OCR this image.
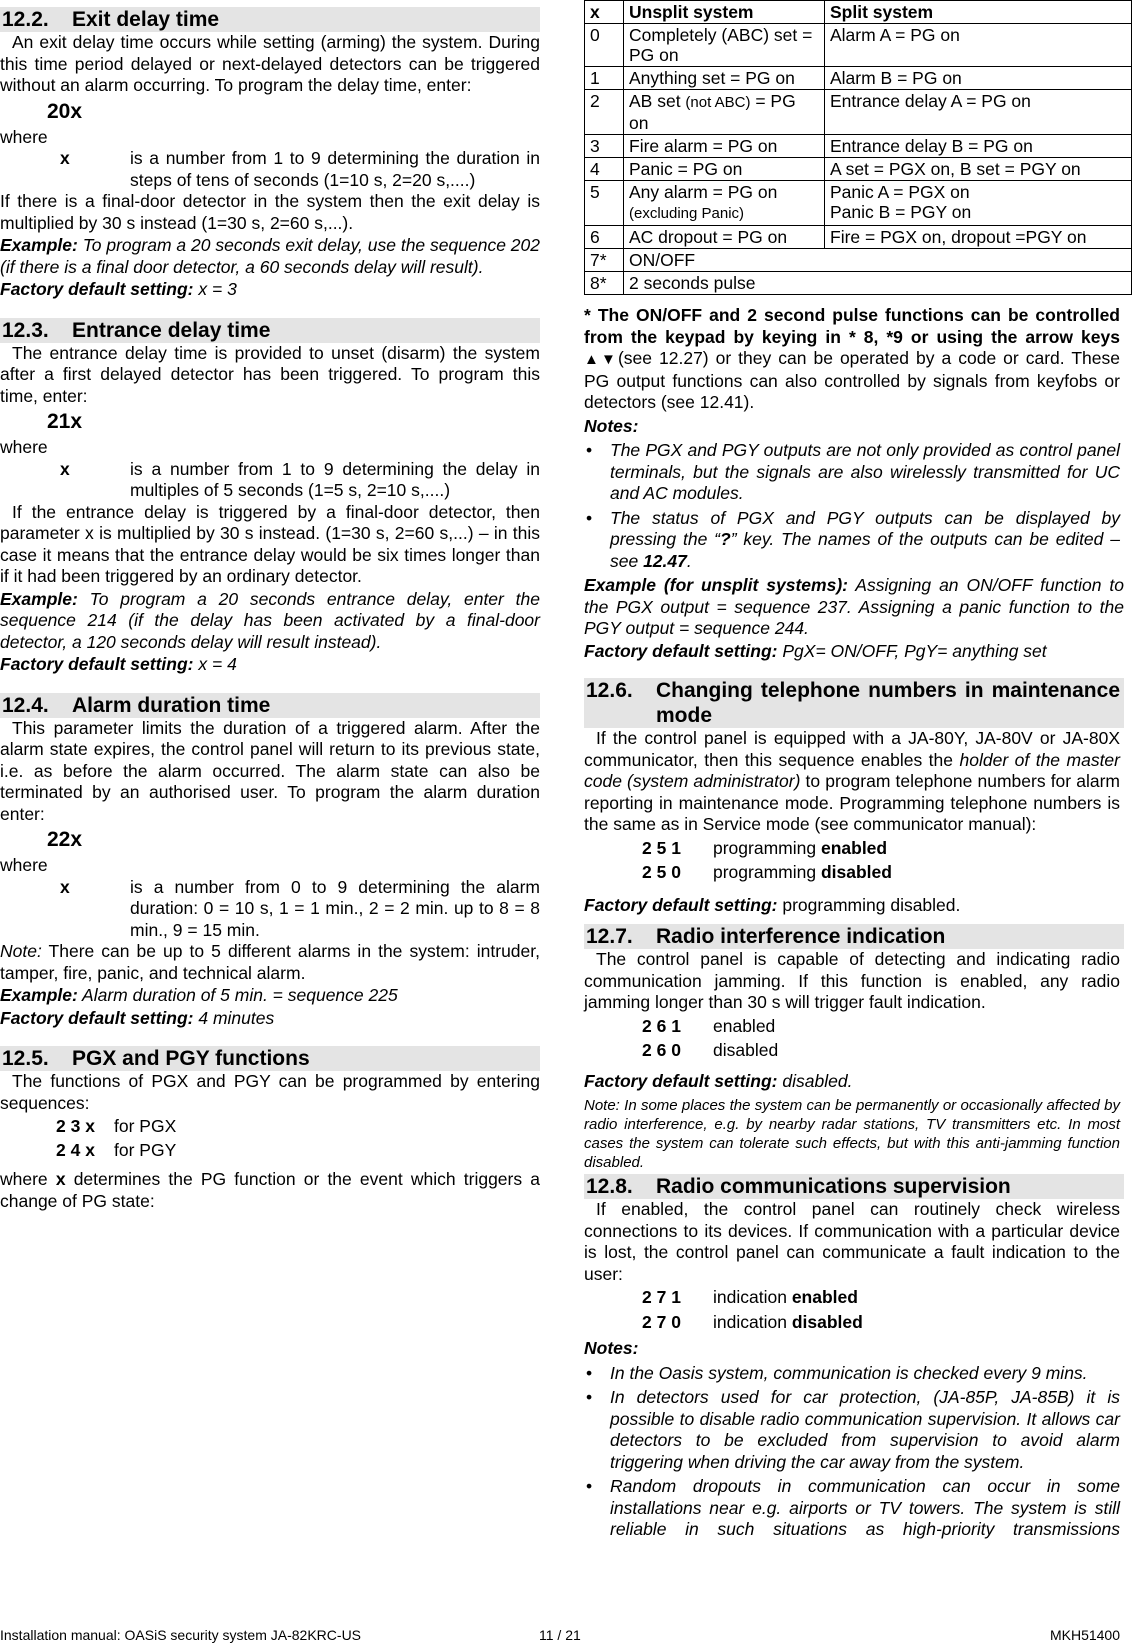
12.2.	Exit delay time

An exit delay time occurs while setting (arming) the system. During this time period delayed or next-delayed detectors can be triggered without an alarm occurring. To program the delay time, enter:

20x
where
x	is a number from 1 to 9 determining the duration in steps of tens of seconds (1=10 s, 2=20 s,....)

If there is a final-door detector in the system then the exit delay is multiplied by 30 s instead (1=30 s, 2=60 s,...).

Example: To program a 20 seconds exit delay, use the sequence 202 (if there is a final door detector, a 60 seconds delay will result).

Factory default setting: x = 3

12.3.	Entrance delay time

The entrance delay time is provided to unset (disarm) the system after a first delayed detector has been triggered. To program this time, enter:

21x
where
x	is a number from 1 to 9 determining the delay in multiples of 5 seconds (1=5 s, 2=10 s,....)

If the entrance delay is triggered by a final-door detector, then parameter x is multiplied by 30 s instead. (1=30 s, 2=60 s,...) – in this case it means that the entrance delay would be six times longer than if it had been triggered by an ordinary detector.

Example: To program a 20 seconds entrance delay, enter the sequence 214 (if the delay has been activated by a final-door detector, a 120 seconds delay will result instead).

Factory default setting: x = 4

12.4.	Alarm duration time

This parameter limits the duration of a triggered alarm. After the alarm state expires, the control panel will return to its previous state, i.e. as before the alarm occurred. The alarm state can also be terminated by an authorised user. To program the alarm duration enter:

22x
where
x	is a number from 0 to 9 determining the alarm duration: 0 = 10 s, 1 = 1 min., 2 = 2 min. up to 8 = 8 min., 9 = 15 min.

Note: There can be up to 5 different alarms in the system: intruder, tamper, fire, panic, and technical alarm.

Example: Alarm duration of 5 min. = sequence 225

Factory default setting: 4 minutes

12.5.	PGX and PGY functions

The functions of PGX and PGY can be programmed by entering sequences:

2 3 x	for PGX
2 4 x	for PGY

where x determines the PG function or the event which triggers a change of PG state:

x	Unsplit system	Split system
0	Completely (ABC) set = PG on	Alarm A = PG on
1	Anything set = PG on	Alarm B = PG on
2	AB set (not ABC) = PG on	Entrance delay A = PG on
3	Fire alarm = PG on	Entrance delay B = PG on
4	Panic = PG on	A set = PGX on, B set = PGY on
5	Any alarm = PG on
(excluding Panic)	Panic A = PGX on
Panic B = PGY on
6	AC dropout = PG on	Fire = PGX on, dropout =PGY on
7*	ON/OFF	
8*	2 seconds pulse	

* The ON/OFF and 2 second pulse functions can be controlled from the keypad by keying in * 8, *9 or using the arrow keys ▲▼(see 12.27) or they can be operated by a code or card. These PG output functions can also controlled by signals from keyfobs or detectors (see 12.41).

Notes:
•	The PGX and PGY outputs are not only provided as control panel terminals, but the signals are also wirelessly transmitted for UC and AC modules.
•	The status of PGX and PGY outputs can be displayed by pressing the “?” key. The names of the outputs can be edited – see 12.47.

Example (for unsplit systems): Assigning an ON/OFF function to the PGX output = sequence 237. Assigning a panic function to the PGY output = sequence 244.

Factory default setting: PgX= ON/OFF, PgY= anything set

12.6.	Changing telephone numbers in maintenance mode

If the control panel is equipped with a JA-80Y, JA-80V or JA-80X communicator, then this sequence enables the holder of the master code (system administrator) to program telephone numbers for alarm reporting in maintenance mode. Programming telephone numbers is the same as in Service mode (see communicator manual):

2 5 1	programming enabled
2 5 0	programming disabled

Factory default setting: programming disabled.

12.7.	Radio interference indication

The control panel is capable of detecting and indicating radio communication jamming. If this function is enabled, any radio jamming longer than 30 s will trigger fault indication.

2 6 1	enabled
2 6 0	disabled

Factory default setting: disabled.

Note: In some places the system can be permanently or occasionally affected by radio interference, e.g. by nearby radar stations, TV transmitters etc. In most cases the system can tolerate such effects, but with this anti-jamming function disabled.

12.8.	Radio communications supervision

If enabled, the control panel can routinely check wireless connections to its devices. If communication with a particular device is lost, the control panel can communicate a fault indication to the user:

2 7 1	indication enabled
2 7 0	indication disabled
Notes:
•	In the Oasis system, communication is checked every 9 mins.
•	In detectors used for car protection, (JA-85P, JA-85B) it is possible to disable radio communication supervision. It allows car detectors to be excluded from supervision to avoid alarm triggering when driving the car away from the system.
•	Random dropouts in communication can occur in some installations near e.g. airports or TV towers. The system is still reliable in such situations as high-priority transmissions
Installation manual: OASiS security system JA-82KRC-US	11 / 21	MKH51400
